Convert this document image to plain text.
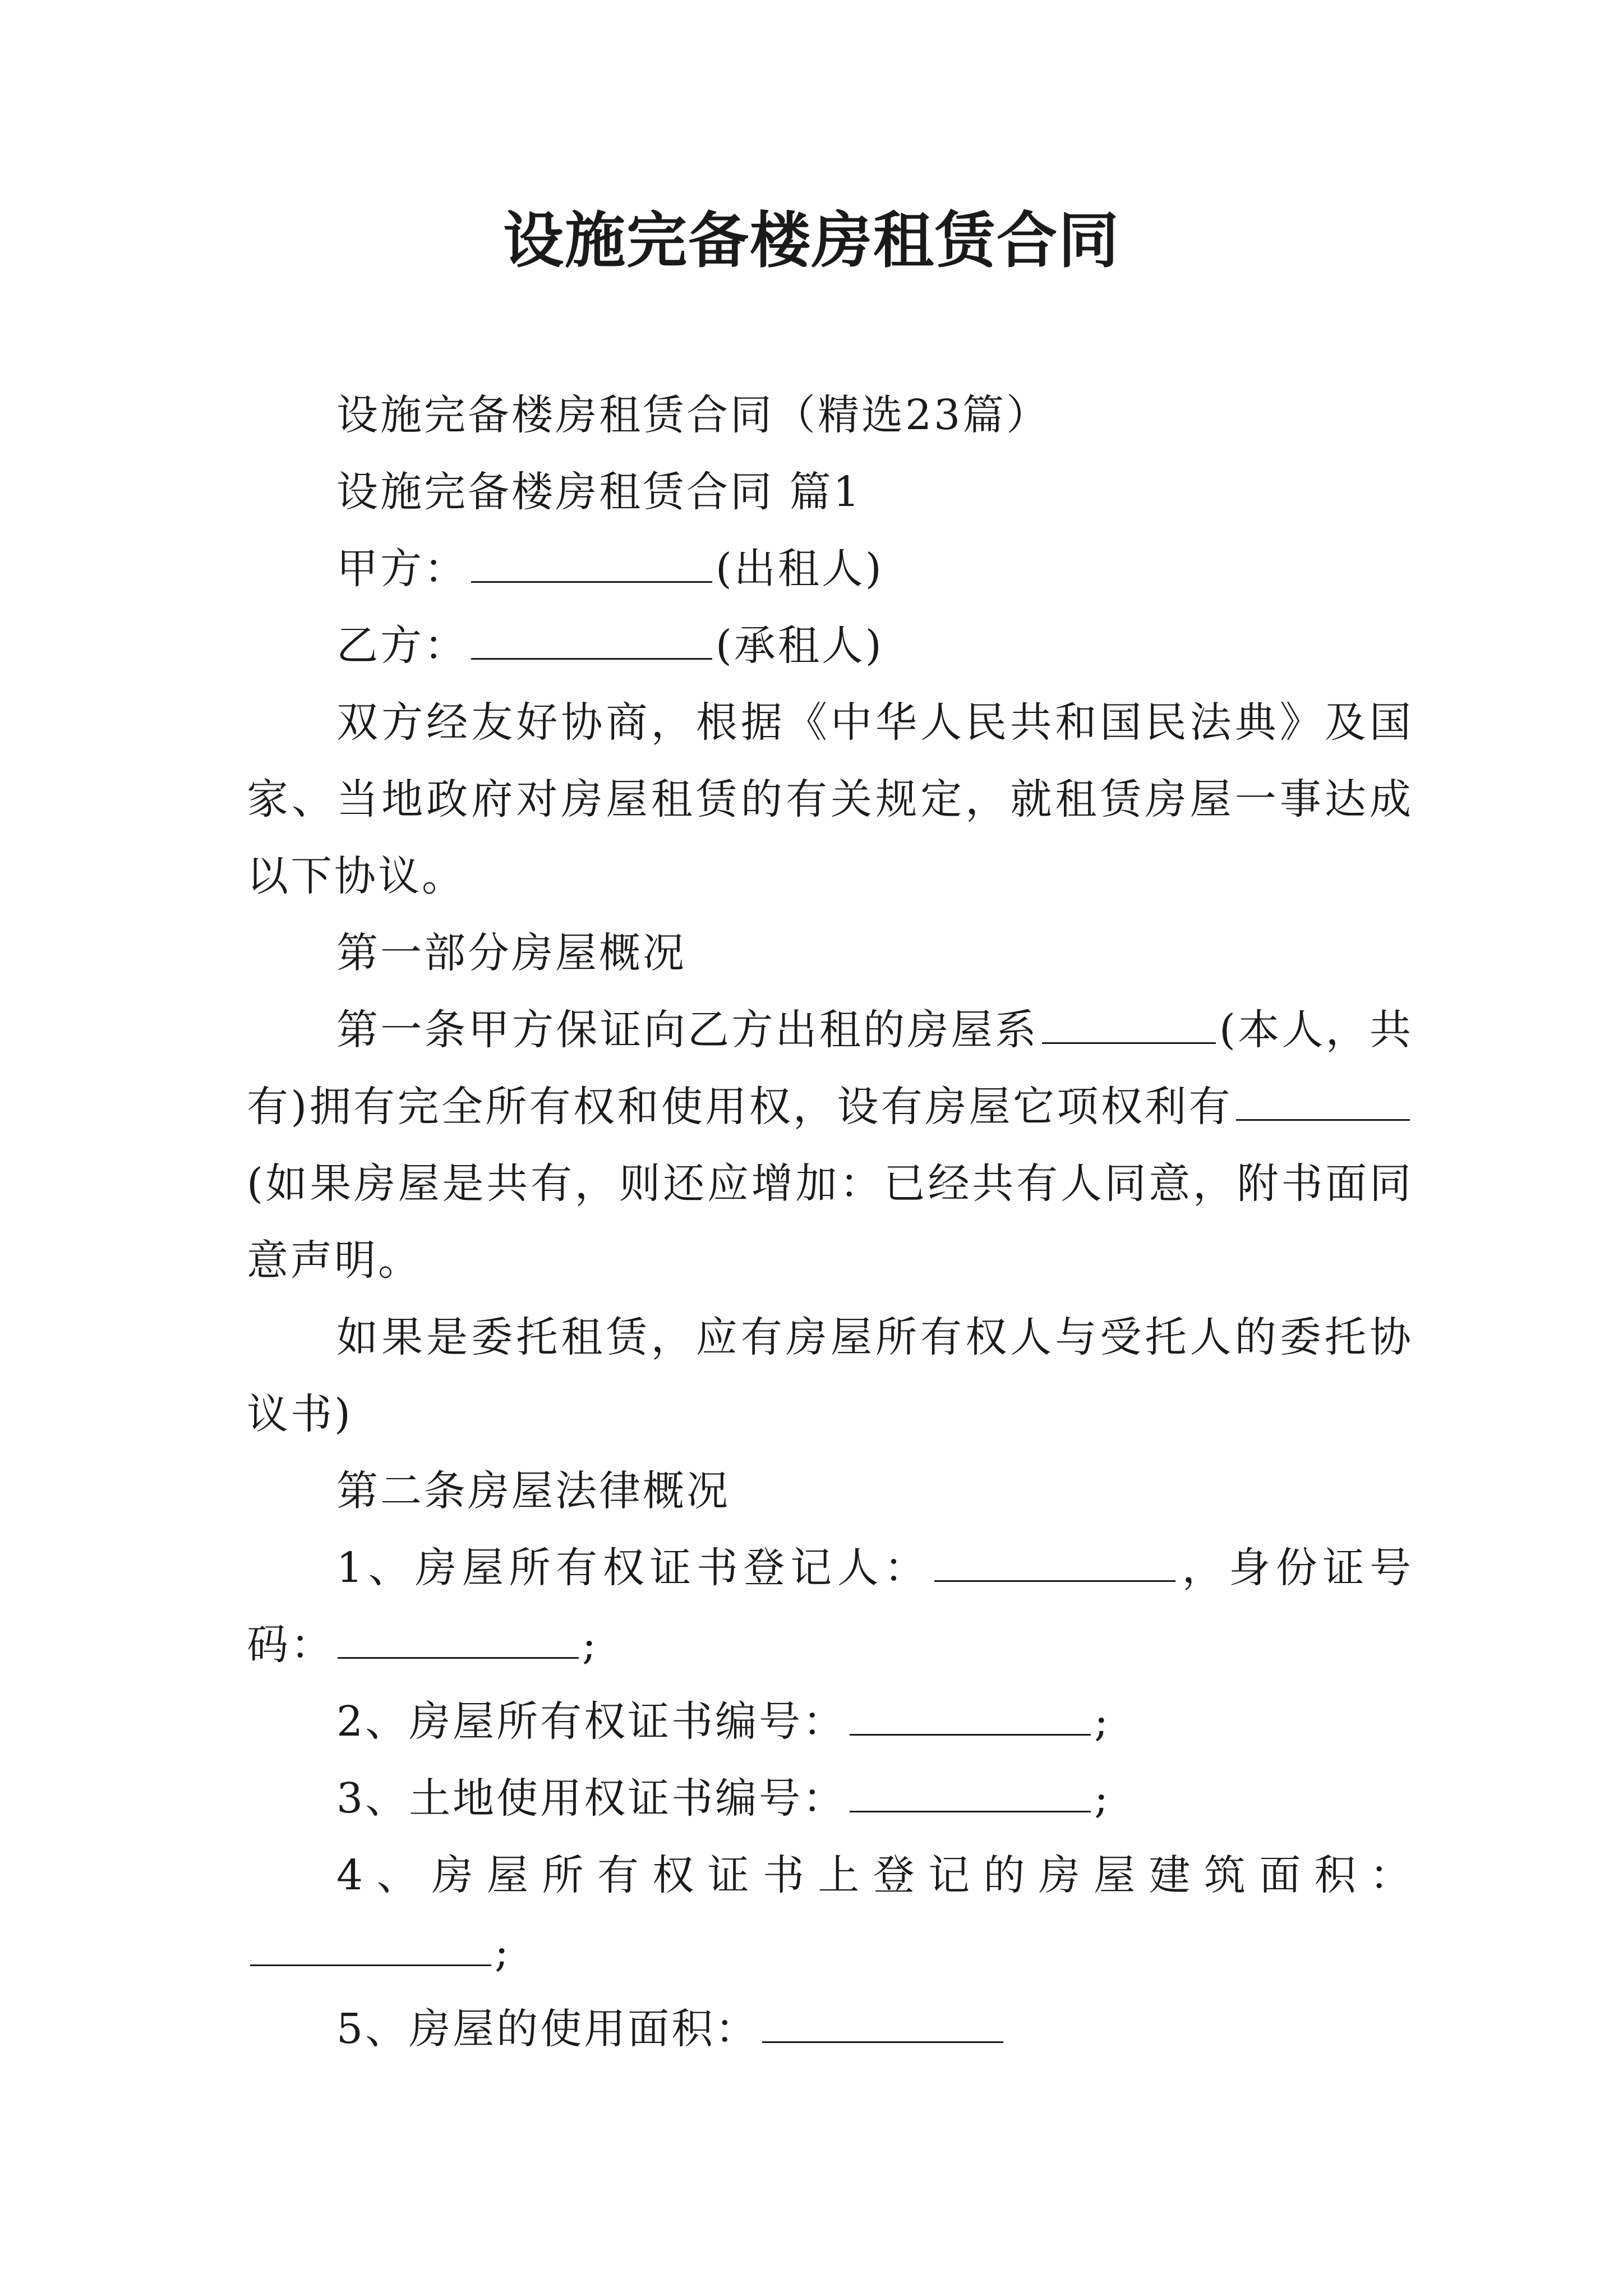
设施完备楼房租赁合同

设施完备楼房租赁合同（精选23篇）

设施完备楼房租赁合同 篇1

甲方：	(出租人)

乙方：	(承租人)

双方经友好协商，根据《中华人民共和国民法典》及国家、当地政府对房屋租赁的有关规定，就租赁房屋一事达成以下协议。

第一部分房屋概况

第一条甲方保证向乙方出租的房屋系	(本人，共有)拥有完全所有权和使用权，设有房屋它项权利有(如果房屋是共有，则还应增加：已经共有人同意，附书面同意声明。

如果是委托租赁，应有房屋所有权人与受托人的委托协议书)

第二条房屋法律概况

1、房屋所有权证书登记人：	，身份证号码：	;

2、房屋所有权证书编号：	;

3、土地使用权证书编号：	;

4、房屋所有权证书上登记的房屋建筑面积：;

5、房屋的使用面积：
